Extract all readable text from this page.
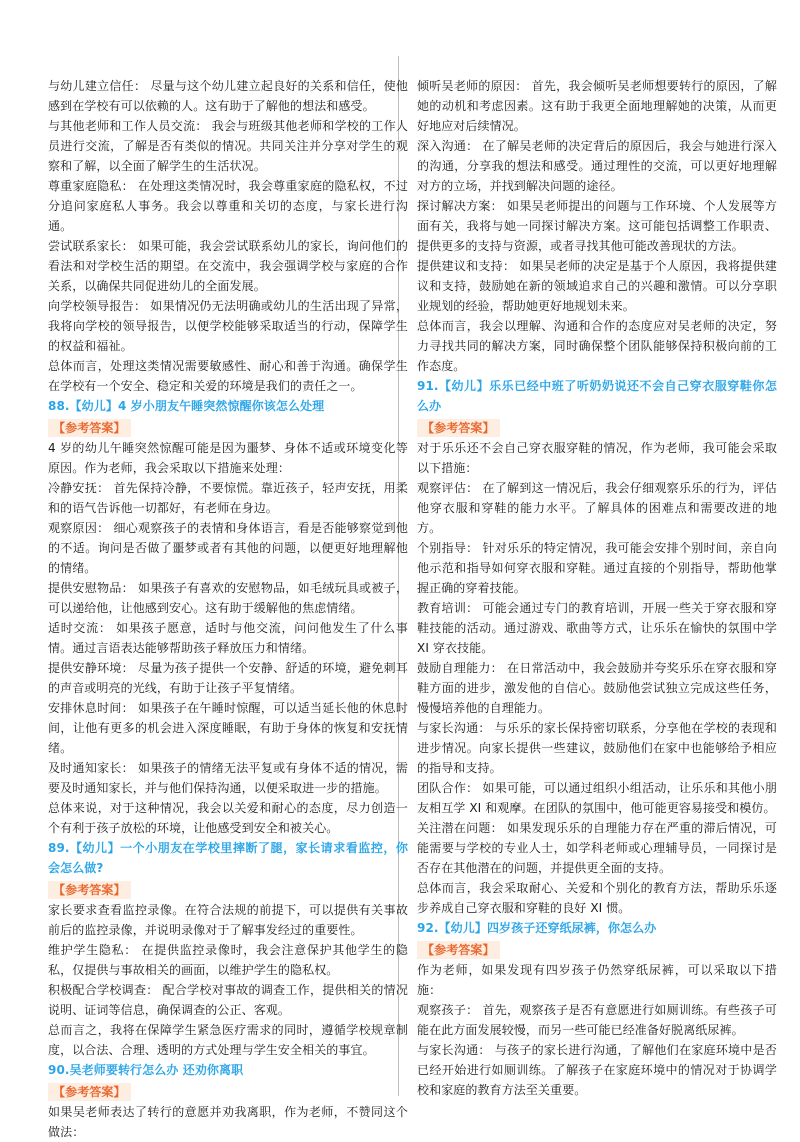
与幼儿建立信任： 尽量与这个幼儿建立起良好的关系和信任，使他感到在学校有可以依赖的人。这有助于了解他的想法和感受。

与其他老师和工作人员交流： 我会与班级其他老师和学校的工作人员进行交流，了解是否有类似的情况。共同关注并分享对学生的观察和了解，以全面了解学生的生活状况。

尊重家庭隐私： 在处理这类情况时，我会尊重家庭的隐私权，不过分追问家庭私人事务。我会以尊重和关切的态度，与家长进行沟通。

尝试联系家长： 如果可能，我会尝试联系幼儿的家长，询问他们的看法和对学校生活的期望。在交流中，我会强调学校与家庭的合作关系，以确保共同促进幼儿的全面发展。

向学校领导报告： 如果情况仍无法明确或幼儿的生活出现了异常，我将向学校的领导报告，以便学校能够采取适当的行动，保障学生的权益和福祉。

总体而言，处理这类情况需要敏感性、耐心和善于沟通。确保学生在学校有一个安全、稳定和关爱的环境是我们的责任之一。

88.【幼儿】4 岁小朋友午睡突然惊醒你该怎么处理

【参考答案】

4 岁的幼儿午睡突然惊醒可能是因为噩梦、身体不适或环境变化等原因。作为老师，我会采取以下措施来处理：

冷静安抚： 首先保持冷静，不要惊慌。靠近孩子，轻声安抚，用柔和的语气告诉他一切都好，有老师在身边。

观察原因： 细心观察孩子的表情和身体语言，看是否能够察觉到他的不适。询问是否做了噩梦或者有其他的问题，以便更好地理解他的情绪。

提供安慰物品： 如果孩子有喜欢的安慰物品，如毛绒玩具或被子，可以递给他，让他感到安心。这有助于缓解他的焦虑情绪。

适时交流： 如果孩子愿意，适时与他交流，问问他发生了什么事情。通过言语表达能够帮助孩子释放压力和情绪。

提供安静环境： 尽量为孩子提供一个安静、舒适的环境，避免刺耳的声音或明亮的光线，有助于让孩子平复情绪。

安排休息时间： 如果孩子在午睡时惊醒，可以适当延长他的休息时间，让他有更多的机会进入深度睡眠，有助于身体的恢复和安抚情绪。

及时通知家长： 如果孩子的情绪无法平复或有身体不适的情况，需要及时通知家长，并与他们保持沟通，以便采取进一步的措施。

总体来说，对于这种情况，我会以关爱和耐心的态度，尽力创造一个有利于孩子放松的环境，让他感受到安全和被关心。

89.【幼儿】一个小朋友在学校里摔断了腿，家长请求看监控，你会怎么做?

【参考答案】

家长要求查看监控录像。在符合法规的前提下，可以提供有关事故前后的监控录像，并说明录像对于了解事发经过的重要性。

维护学生隐私： 在提供监控录像时，我会注意保护其他学生的隐私，仅提供与事故相关的画面，以维护学生的隐私权。

积极配合学校调查： 配合学校对事故的调查工作，提供相关的情况说明、证词等信息，确保调查的公正、客观。

总而言之，我将在保障学生紧急医疗需求的同时，遵循学校规章制度，以合法、合理、透明的方式处理与学生安全相关的事宜。

90.吴老师要转行怎么办 还劝你离职

【参考答案】

如果吴老师表达了转行的意愿并劝我离职，作为老师，不赞同这个做法：

倾听吴老师的原因： 首先，我会倾听吴老师想要转行的原因，了解她的动机和考虑因素。这有助于我更全面地理解她的决策，从而更好地应对后续情况。

深入沟通： 在了解吴老师的决定背后的原因后，我会与她进行深入的沟通，分享我的想法和感受。通过理性的交流，可以更好地理解对方的立场，并找到解决问题的途径。

探讨解决方案： 如果吴老师提出的问题与工作环境、个人发展等方面有关，我将与她一同探讨解决方案。这可能包括调整工作职责、提供更多的支持与资源，或者寻找其他可能改善现状的方法。

提供建议和支持： 如果吴老师的决定是基于个人原因，我将提供建议和支持，鼓励她在新的领域追求自己的兴趣和激情。可以分享职业规划的经验，帮助她更好地规划未来。

总体而言，我会以理解、沟通和合作的态度应对吴老师的决定，努力寻找共同的解决方案，同时确保整个团队能够保持积极向前的工作态度。

91.【幼儿】乐乐已经中班了听奶奶说还不会自己穿衣服穿鞋你怎么办

【参考答案】

对于乐乐还不会自己穿衣服穿鞋的情况，作为老师，我可能会采取以下措施：

观察评估： 在了解到这一情况后，我会仔细观察乐乐的行为，评估他穿衣服和穿鞋的能力水平。了解具体的困难点和需要改进的地方。

个别指导： 针对乐乐的特定情况，我可能会安排个别时间，亲自向他示范和指导如何穿衣服和穿鞋。通过直接的个别指导，帮助他掌握正确的穿着技能。

教育培训： 可能会通过专门的教育培训，开展一些关于穿衣服和穿鞋技能的活动。通过游戏、歌曲等方式，让乐乐在愉快的氛围中学 XI 穿衣技能。

鼓励自理能力： 在日常活动中，我会鼓励并夸奖乐乐在穿衣服和穿鞋方面的进步，激发他的自信心。鼓励他尝试独立完成这些任务，慢慢培养他的自理能力。

与家长沟通： 与乐乐的家长保持密切联系，分享他在学校的表现和进步情况。向家长提供一些建议，鼓励他们在家中也能够给予相应的指导和支持。

团队合作： 如果可能，可以通过组织小组活动，让乐乐和其他小朋友相互学 XI 和观摩。在团队的氛围中，他可能更容易接受和模仿。

关注潜在问题： 如果发现乐乐的自理能力存在严重的滞后情况，可能需要与学校的专业人士，如学科老师或心理辅导员，一同探讨是否存在其他潜在的问题，并提供更全面的支持。

总体而言，我会采取耐心、关爱和个别化的教育方法，帮助乐乐逐步养成自己穿衣服和穿鞋的良好 XI 惯。

92.【幼儿】四岁孩子还穿纸尿裤，你怎么办

【参考答案】

作为老师，如果发现有四岁孩子仍然穿纸尿裤，可以采取以下措施：

观察孩子： 首先，观察孩子是否有意愿进行如厕训练。有些孩子可能在此方面发展较慢，而另一些可能已经准备好脱离纸尿裤。

与家长沟通： 与孩子的家长进行沟通，了解他们在家庭环境中是否已经开始进行如厕训练。了解孩子在家庭环境中的情况对于协调学校和家庭的教育方法至关重要。
